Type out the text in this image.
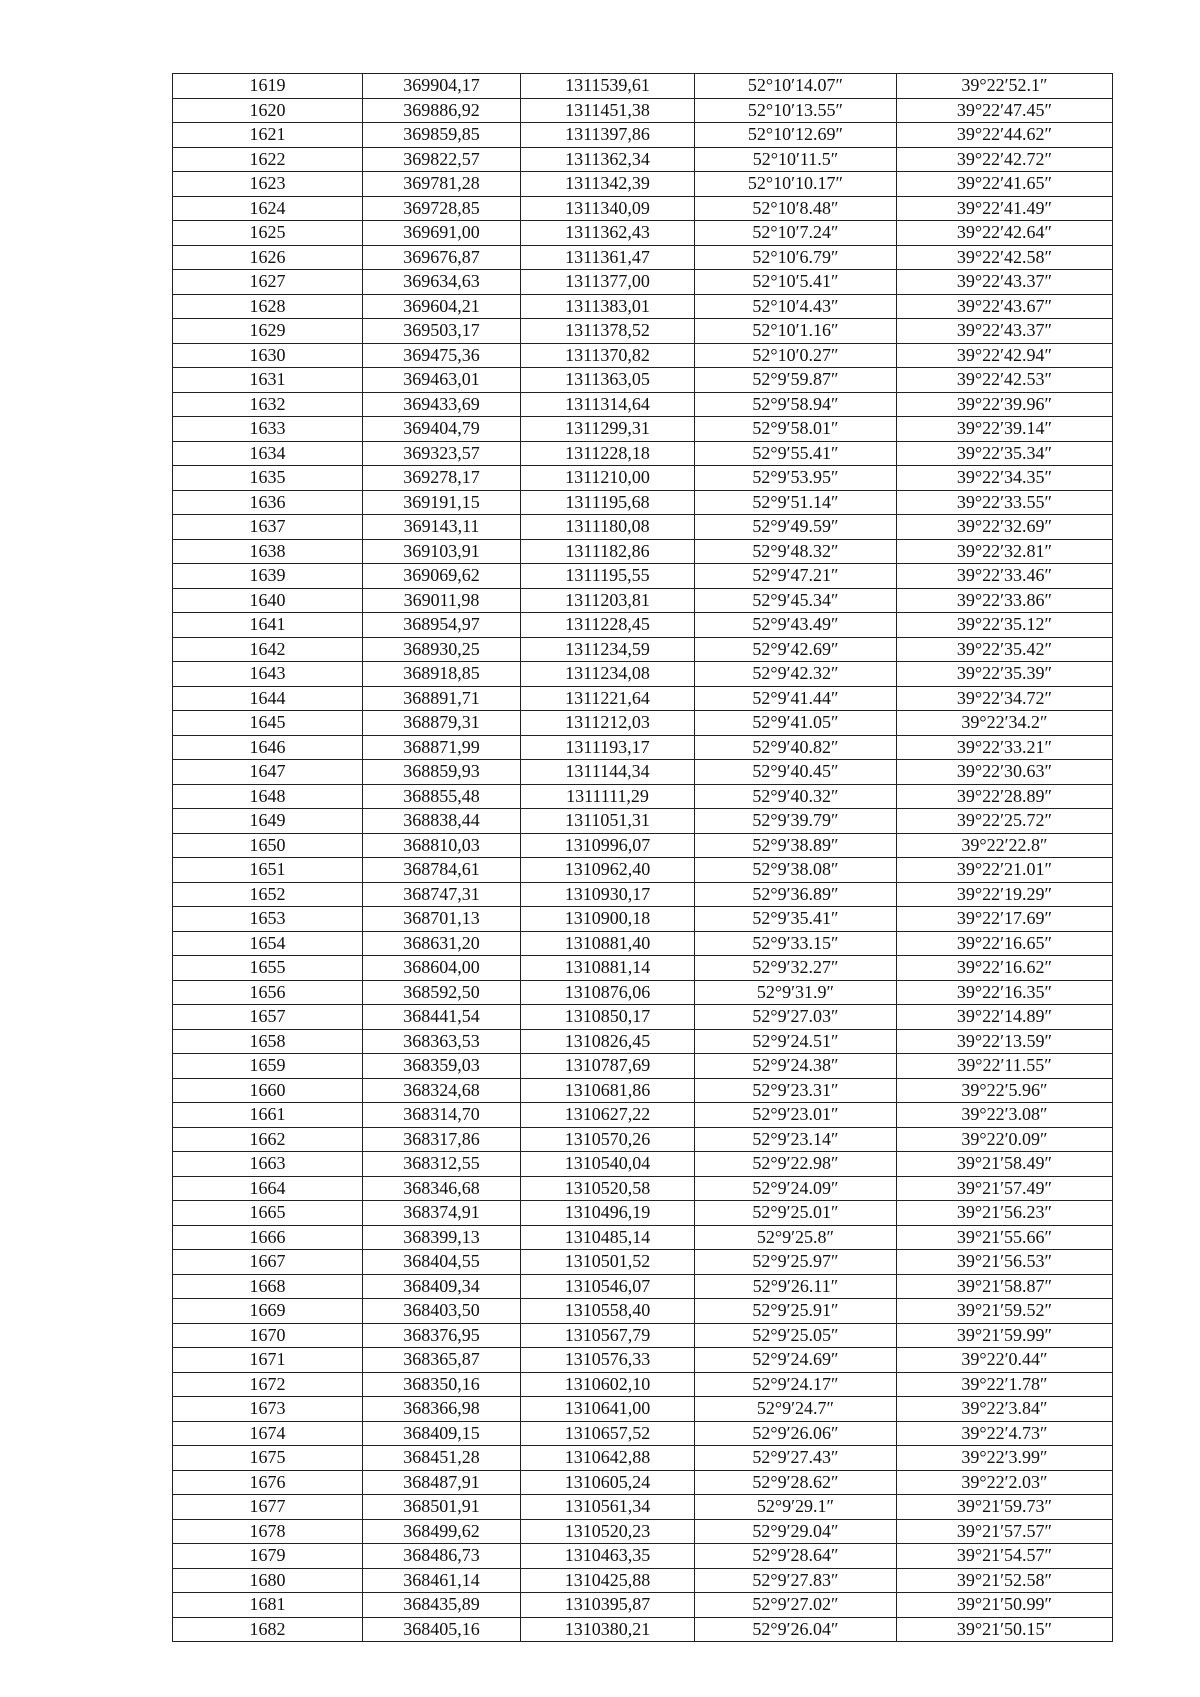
1619	369904,17	1311539,61	52°10′14.07″	39°22′52.1″
1620	369886,92	1311451,38	52°10′13.55″	39°22′47.45″
1621	369859,85	1311397,86	52°10′12.69″	39°22′44.62″
1622	369822,57	1311362,34	52°10′11.5″	39°22′42.72″
1623	369781,28	1311342,39	52°10′10.17″	39°22′41.65″
1624	369728,85	1311340,09	52°10′8.48″	39°22′41.49″
1625	369691,00	1311362,43	52°10′7.24″	39°22′42.64″
1626	369676,87	1311361,47	52°10′6.79″	39°22′42.58″
1627	369634,63	1311377,00	52°10′5.41″	39°22′43.37″
1628	369604,21	1311383,01	52°10′4.43″	39°22′43.67″
1629	369503,17	1311378,52	52°10′1.16″	39°22′43.37″
1630	369475,36	1311370,82	52°10′0.27″	39°22′42.94″
1631	369463,01	1311363,05	52°9′59.87″	39°22′42.53″
1632	369433,69	1311314,64	52°9′58.94″	39°22′39.96″
1633	369404,79	1311299,31	52°9′58.01″	39°22′39.14″
1634	369323,57	1311228,18	52°9′55.41″	39°22′35.34″
1635	369278,17	1311210,00	52°9′53.95″	39°22′34.35″
1636	369191,15	1311195,68	52°9′51.14″	39°22′33.55″
1637	369143,11	1311180,08	52°9′49.59″	39°22′32.69″
1638	369103,91	1311182,86	52°9′48.32″	39°22′32.81″
1639	369069,62	1311195,55	52°9′47.21″	39°22′33.46″
1640	369011,98	1311203,81	52°9′45.34″	39°22′33.86″
1641	368954,97	1311228,45	52°9′43.49″	39°22′35.12″
1642	368930,25	1311234,59	52°9′42.69″	39°22′35.42″
1643	368918,85	1311234,08	52°9′42.32″	39°22′35.39″
1644	368891,71	1311221,64	52°9′41.44″	39°22′34.72″
1645	368879,31	1311212,03	52°9′41.05″	39°22′34.2″
1646	368871,99	1311193,17	52°9′40.82″	39°22′33.21″
1647	368859,93	1311144,34	52°9′40.45″	39°22′30.63″
1648	368855,48	1311111,29	52°9′40.32″	39°22′28.89″
1649	368838,44	1311051,31	52°9′39.79″	39°22′25.72″
1650	368810,03	1310996,07	52°9′38.89″	39°22′22.8″
1651	368784,61	1310962,40	52°9′38.08″	39°22′21.01″
1652	368747,31	1310930,17	52°9′36.89″	39°22′19.29″
1653	368701,13	1310900,18	52°9′35.41″	39°22′17.69″
1654	368631,20	1310881,40	52°9′33.15″	39°22′16.65″
1655	368604,00	1310881,14	52°9′32.27″	39°22′16.62″
1656	368592,50	1310876,06	52°9′31.9″	39°22′16.35″
1657	368441,54	1310850,17	52°9′27.03″	39°22′14.89″
1658	368363,53	1310826,45	52°9′24.51″	39°22′13.59″
1659	368359,03	1310787,69	52°9′24.38″	39°22′11.55″
1660	368324,68	1310681,86	52°9′23.31″	39°22′5.96″
1661	368314,70	1310627,22	52°9′23.01″	39°22′3.08″
1662	368317,86	1310570,26	52°9′23.14″	39°22′0.09″
1663	368312,55	1310540,04	52°9′22.98″	39°21′58.49″
1664	368346,68	1310520,58	52°9′24.09″	39°21′57.49″
1665	368374,91	1310496,19	52°9′25.01″	39°21′56.23″
1666	368399,13	1310485,14	52°9′25.8″	39°21′55.66″
1667	368404,55	1310501,52	52°9′25.97″	39°21′56.53″
1668	368409,34	1310546,07	52°9′26.11″	39°21′58.87″
1669	368403,50	1310558,40	52°9′25.91″	39°21′59.52″
1670	368376,95	1310567,79	52°9′25.05″	39°21′59.99″
1671	368365,87	1310576,33	52°9′24.69″	39°22′0.44″
1672	368350,16	1310602,10	52°9′24.17″	39°22′1.78″
1673	368366,98	1310641,00	52°9′24.7″	39°22′3.84″
1674	368409,15	1310657,52	52°9′26.06″	39°22′4.73″
1675	368451,28	1310642,88	52°9′27.43″	39°22′3.99″
1676	368487,91	1310605,24	52°9′28.62″	39°22′2.03″
1677	368501,91	1310561,34	52°9′29.1″	39°21′59.73″
1678	368499,62	1310520,23	52°9′29.04″	39°21′57.57″
1679	368486,73	1310463,35	52°9′28.64″	39°21′54.57″
1680	368461,14	1310425,88	52°9′27.83″	39°21′52.58″
1681	368435,89	1310395,87	52°9′27.02″	39°21′50.99″
1682	368405,16	1310380,21	52°9′26.04″	39°21′50.15″
